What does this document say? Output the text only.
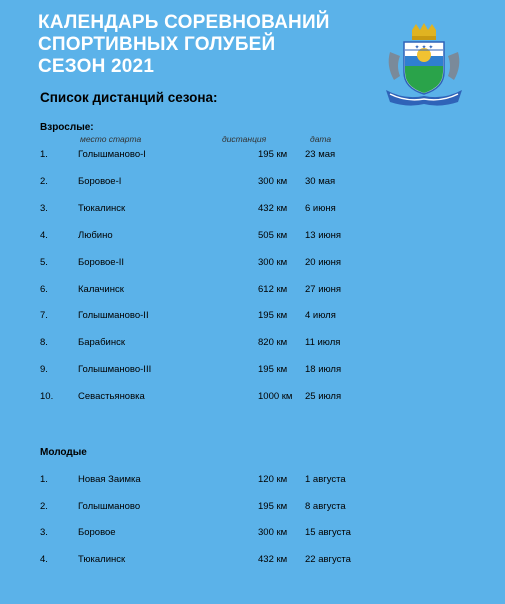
КАЛЕНДАРЬ СОРЕВНОВАНИЙ
СПОРТИВНЫХ ГОЛУБЕЙ
СЕЗОН 2021
✦ ✦ ✦
Список дистанций сезона:
Взрослые:
место старта	дистанция	дата
1.	Голышманово-I	195 км 23 мая
2.	Боровое-I	300 км 30 мая
3.	Тюкалинск	432 км 6 июня
4.	Любино	505 км 13 июня
5.	Боровое-II	300 км 20 июня
6.	Калачинск	612 км 27 июня
7.	Голышманово-II	195 км 4 июля
8.	Барабинск	820 км 11 июля
9.	Голышманово-III	195 км 18 июля
10.	Севастьяновка	1000 км 25 июля
Молодые
1.	Новая Заимка	120 км 1 августа
2.	Голышманово	195 км 8 августа
3.	Боровое	300 км 15 августа
4.	Тюкалинск	432 км 22 августа
